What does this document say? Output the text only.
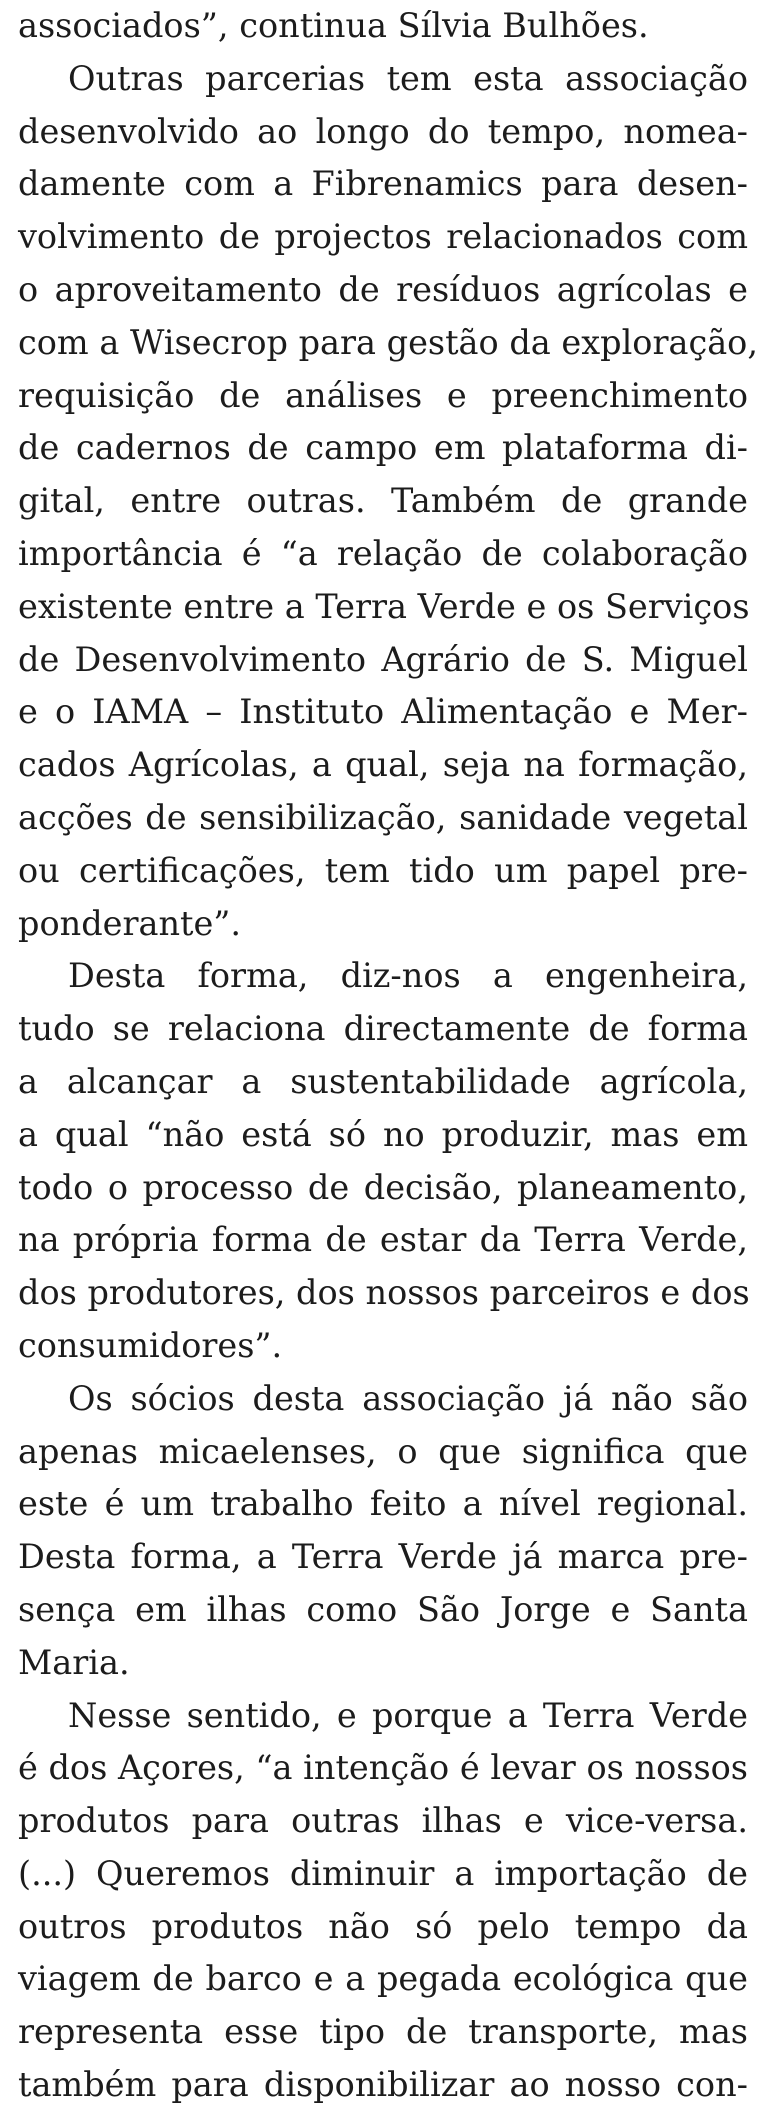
associados”, continua Sílvia Bulhões.
Outras parcerias tem esta associação
desenvolvido ao longo do tempo, nomea-
damente com a Fibrenamics para desen-
volvimento de projectos relacionados com
o aproveitamento de resíduos agrícolas e
com a Wisecrop para gestão da exploração,
requisição de análises e preenchimento
de cadernos de campo em plataforma di-
gital, entre outras. Também de grande
importância é “a relação de colaboração
existente entre a Terra Verde e os Serviços
de Desenvolvimento Agrário de S. Miguel
e o IAMA – Instituto Alimentação e Mer-
cados Agrícolas, a qual, seja na formação,
acções de sensibilização, sanidade vegetal
ou certificações, tem tido um papel pre-
ponderante”.
Desta forma, diz-nos a engenheira,
tudo se relaciona directamente de forma
a alcançar a sustentabilidade agrícola,
a qual “não está só no produzir, mas em
todo o processo de decisão, planeamento,
na própria forma de estar da Terra Verde,
dos produtores, dos nossos parceiros e dos
consumidores”.
Os sócios desta associação já não são
apenas micaelenses, o que significa que
este é um trabalho feito a nível regional.
Desta forma, a Terra Verde já marca pre-
sença em ilhas como São Jorge e Santa
Maria.
Nesse sentido, e porque a Terra Verde
é dos Açores, “a intenção é levar os nossos
produtos para outras ilhas e vice-versa.
(...) Queremos diminuir a importação de
outros produtos não só pelo tempo da
viagem de barco e a pegada ecológica que
representa esse tipo de transporte, mas
também para disponibilizar ao nosso con-
